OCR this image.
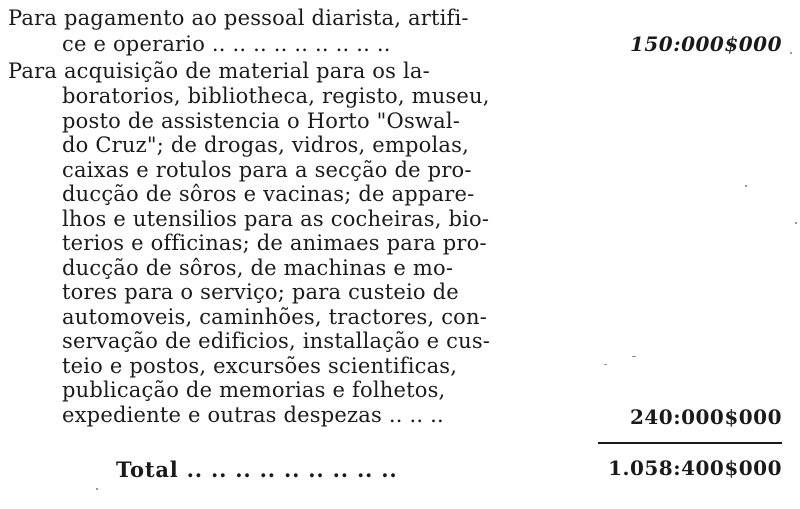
Para pagamento ao pessoal diarista, artifi-
ce e operario .. .. .. .. .. .. .. .. ..	150:000$000
Para acquisição de material para os la-
boratorios, bibliotheca, registo, museu,
posto de assistencia o Horto "Oswal-
do Cruz"; de drogas, vidros, empolas,
caixas e rotulos para a secção de pro-
ducção de sôros e vacinas; de appare-
lhos e utensilios para as cocheiras, bio-
terios e officinas; de animaes para pro-
ducção de sôros, de machinas e mo-
tores para o serviço; para custeio de
automoveis, caminhões, tractores, con-
servação de edificios, installação e cus-
teio e postos, excursões scientificas,
publicação de memorias e folhetos,
expediente e outras despezas .. .. ..	240:000$000
Total .. .. .. .. .. .. .. .. ..	1.058:400$000
